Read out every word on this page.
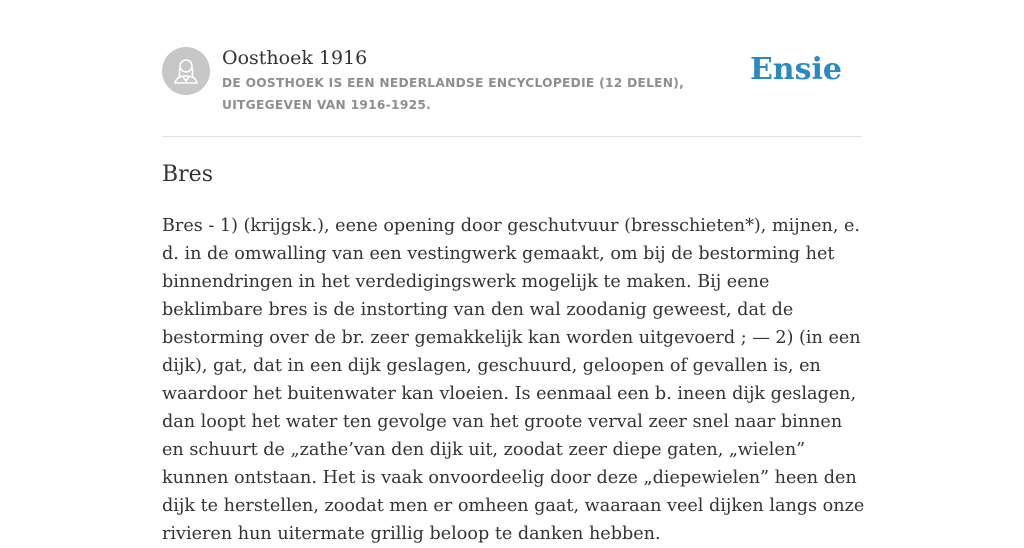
Oosthoek 1916
DE OOSTHOEK IS EEN NEDERLANDSE ENCYCLOPEDIE (12 DELEN), UITGEGEVEN VAN 1916-1925.
Ensie
Bres

Bres - 1) (krijgsk.), eene opening door geschutvuur (bresschieten*), mijnen, e. d. in de omwalling van een vestingwerk gemaakt, om bij de bestorming het binnendringen in het verdedigingswerk mogelijk te maken. Bij eene beklimbare bres is de instorting van den wal zoodanig geweest, dat de bestorming over de br. zeer gemakkelijk kan worden uitgevoerd ; — 2) (in een dijk), gat, dat in een dijk geslagen, geschuurd, geloopen of gevallen is, en waardoor het buitenwater kan vloeien. Is eenmaal een b. ineen dijk geslagen, dan loopt het water ten gevolge van het groote verval zeer snel naar binnen en schuurt de „zathe’van den dijk uit, zoodat zeer diepe gaten, „wielen” kunnen ontstaan. Het is vaak onvoordeelig door deze „diepewielen” heen den dijk te herstellen, zoodat men er omheen gaat, waaraan veel dijken langs onze rivieren hun uitermate grillig beloop te danken hebben.
